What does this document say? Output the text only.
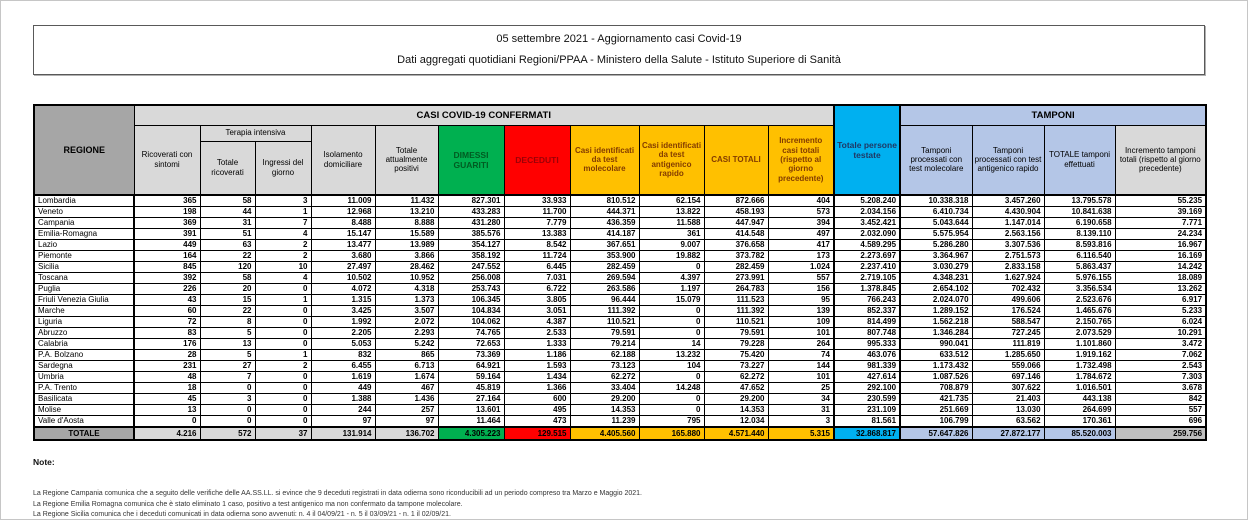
05 settembre 2021 - Aggiornamento casi Covid-19
Dati aggregati quotidiani Regioni/PPAA - Ministero della Salute - Istituto Superiore di Sanità
REGIONE	CASI COVID-19 CONFERMATI											Totale persone testate	TAMPONI			
	Ricoverati con sintomi	Terapia intensiva		Isolamento domiciliare	Totale attualmente positivi	DIMESSI GUARITI	DECEDUTI	Casi identificati da test molecolare	Casi identificati da test antigenico rapido	CASI TOTALI	Incremento casi totali (rispetto al giorno precedente)		Tamponi processati con test molecolare	Tamponi processati con test antigenico rapido	TOTALE tamponi effettuati	Incremento tamponi totali (rispetto al giorno precedente)
		Totale ricoverati	Ingressi del giorno													
Lombardia	365	58	3	11.009	11.432	827.301	33.933	810.512	62.154	872.666	404	5.208.240	10.338.318	3.457.260	13.795.578	55.235
Veneto	198	44	1	12.968	13.210	433.283	11.700	444.371	13.822	458.193	573	2.034.156	6.410.734	4.430.904	10.841.638	39.169
Campania	369	31	7	8.488	8.888	431.280	7.779	436.359	11.588	447.947	394	3.452.421	5.043.644	1.147.014	6.190.658	7.771
Emilia-Romagna	391	51	4	15.147	15.589	385.576	13.383	414.187	361	414.548	497	2.032.090	5.575.954	2.563.156	8.139.110	24.234
Lazio	449	63	2	13.477	13.989	354.127	8.542	367.651	9.007	376.658	417	4.589.295	5.286.280	3.307.536	8.593.816	16.967
Piemonte	164	22	2	3.680	3.866	358.192	11.724	353.900	19.882	373.782	173	2.273.697	3.364.967	2.751.573	6.116.540	16.169
Sicilia	845	120	10	27.497	28.462	247.552	6.445	282.459	0	282.459	1.024	2.237.410	3.030.279	2.833.158	5.863.437	14.242
Toscana	392	58	4	10.502	10.952	256.008	7.031	269.594	4.397	273.991	557	2.719.105	4.348.231	1.627.924	5.976.155	18.089
Puglia	226	20	0	4.072	4.318	253.743	6.722	263.586	1.197	264.783	156	1.378.845	2.654.102	702.432	3.356.534	13.262
Friuli Venezia Giulia	43	15	1	1.315	1.373	106.345	3.805	96.444	15.079	111.523	95	766.243	2.024.070	499.606	2.523.676	6.917
Marche	60	22	0	3.425	3.507	104.834	3.051	111.392	0	111.392	139	852.337	1.289.152	176.524	1.465.676	5.233
Liguria	72	8	0	1.992	2.072	104.062	4.387	110.521	0	110.521	109	814.499	1.562.218	588.547	2.150.765	6.024
Abruzzo	83	5	0	2.205	2.293	74.765	2.533	79.591	0	79.591	101	807.748	1.346.284	727.245	2.073.529	10.291
Calabria	176	13	0	5.053	5.242	72.653	1.333	79.214	14	79.228	264	995.333	990.041	111.819	1.101.860	3.472
P.A. Bolzano	28	5	1	832	865	73.369	1.186	62.188	13.232	75.420	74	463.076	633.512	1.285.650	1.919.162	7.062
Sardegna	231	27	2	6.455	6.713	64.921	1.593	73.123	104	73.227	144	981.339	1.173.432	559.066	1.732.498	2.543
Umbria	48	7	0	1.619	1.674	59.164	1.434	62.272	0	62.272	101	427.614	1.087.526	697.146	1.784.672	7.303
P.A. Trento	18	0	0	449	467	45.819	1.366	33.404	14.248	47.652	25	292.100	708.879	307.622	1.016.501	3.678
Basilicata	45	3	0	1.388	1.436	27.164	600	29.200	0	29.200	34	230.599	421.735	21.403	443.138	842
Molise	13	0	0	244	257	13.601	495	14.353	0	14.353	31	231.109	251.669	13.030	264.699	557
Valle d'Aosta	0	0	0	97	97	11.464	473	11.239	795	12.034	3	81.561	106.799	63.562	170.361	696
TOTALE	4.216	572	37	131.914	136.702	4.305.223	129.515	4.405.560	165.880	4.571.440	5.315	32.868.817	57.647.826	27.872.177	85.520.003	259.756
Note:
La Regione Campania comunica che a seguito delle verifiche delle AA.SS.LL. si evince che 9 deceduti registrati in data odierna sono riconducibili ad un periodo compreso tra Marzo e Maggio 2021.
La Regione Emilia Romagna comunica che è stato eliminato 1 caso, positivo a test antigenico ma non confermato da tampone molecolare.
La Regione Sicilia comunica che i deceduti comunicati in data odierna sono avvenuti: n. 4 il 04/09/21 - n. 5 il 03/09/21 - n. 1 il 02/09/21.
